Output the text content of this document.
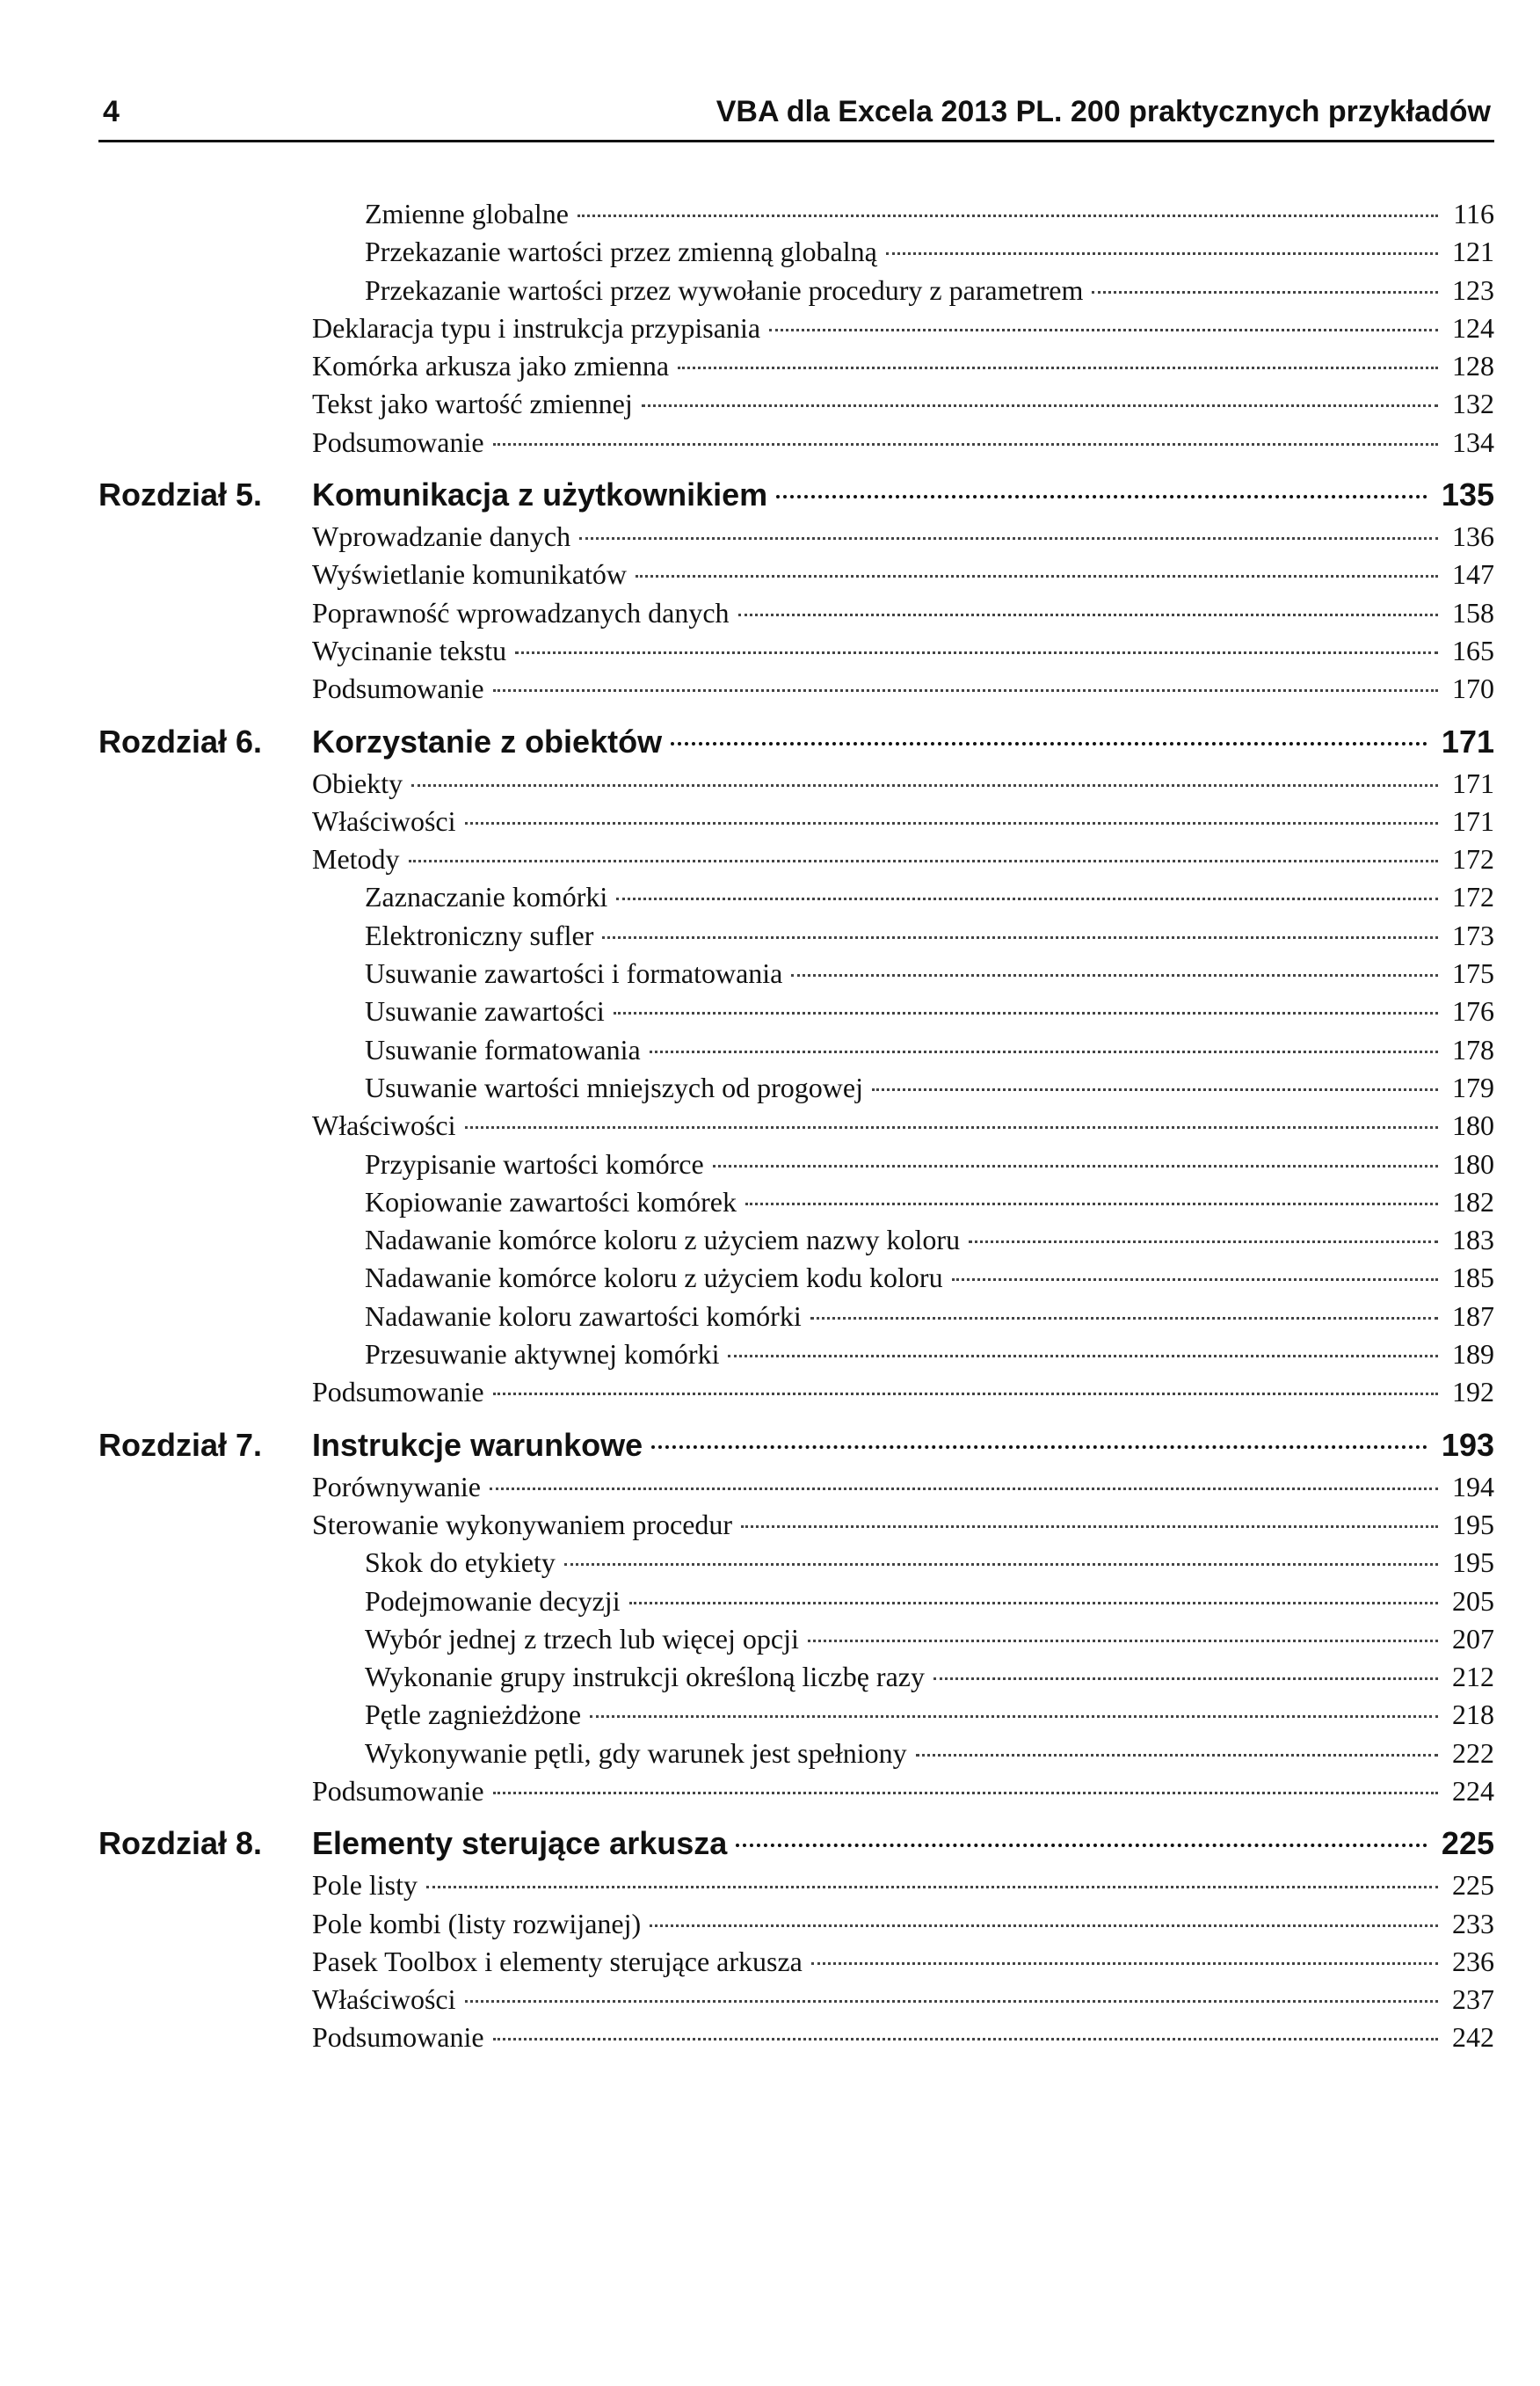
4	VBA dla Excela 2013 PL. 200 praktycznych przykładów
Zmienne globalne	116
Przekazanie wartości przez zmienną globalną	121
Przekazanie wartości przez wywołanie procedury z parametrem	123
Deklaracja typu i instrukcja przypisania	124
Komórka arkusza jako zmienna	128
Tekst jako wartość zmiennej	132
Podsumowanie	134
Rozdział 5.	Komunikacja z użytkownikiem	135
Wprowadzanie danych	136
Wyświetlanie komunikatów	147
Poprawność wprowadzanych danych	158
Wycinanie tekstu	165
Podsumowanie	170
Rozdział 6.	Korzystanie z obiektów	171
Obiekty	171
Właściwości	171
Metody	172
Zaznaczanie komórki	172
Elektroniczny sufler	173
Usuwanie zawartości i formatowania	175
Usuwanie zawartości	176
Usuwanie formatowania	178
Usuwanie wartości mniejszych od progowej	179
Właściwości	180
Przypisanie wartości komórce	180
Kopiowanie zawartości komórek	182
Nadawanie komórce koloru z użyciem nazwy koloru	183
Nadawanie komórce koloru z użyciem kodu koloru	185
Nadawanie koloru zawartości komórki	187
Przesuwanie aktywnej komórki	189
Podsumowanie	192
Rozdział 7.	Instrukcje warunkowe	193
Porównywanie	194
Sterowanie wykonywaniem procedur	195
Skok do etykiety	195
Podejmowanie decyzji	205
Wybór jednej z trzech lub więcej opcji	207
Wykonanie grupy instrukcji określoną liczbę razy	212
Pętle zagnieżdżone	218
Wykonywanie pętli, gdy warunek jest spełniony	222
Podsumowanie	224
Rozdział 8.	Elementy sterujące arkusza	225
Pole listy	225
Pole kombi (listy rozwijanej)	233
Pasek Toolbox i elementy sterujące arkusza	236
Właściwości	237
Podsumowanie	242
